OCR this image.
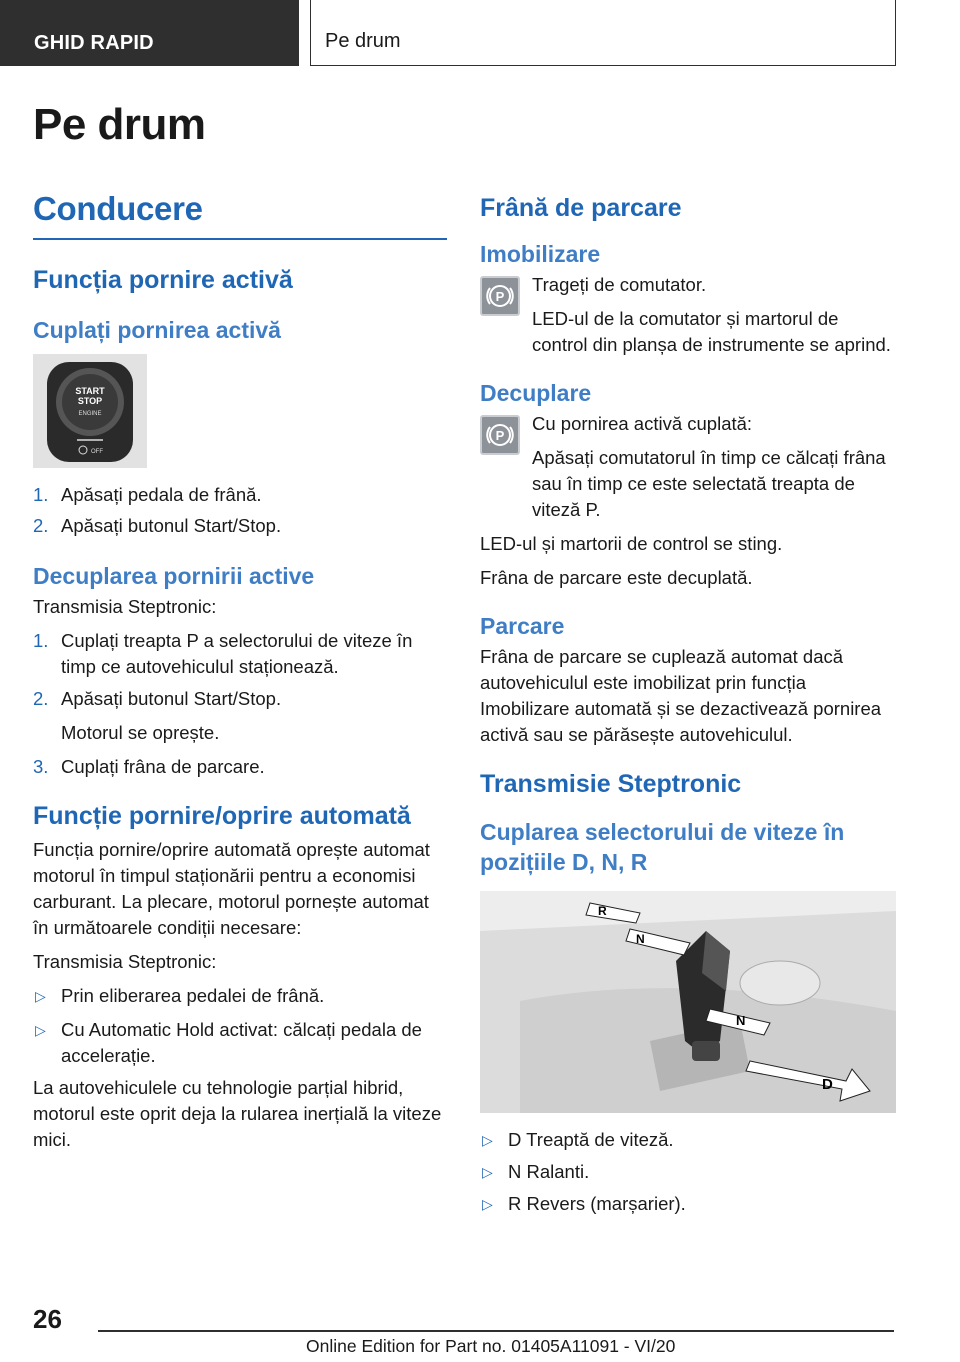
GHID RAPID	Pe drum
Pe drum
Conducere
Funcția pornire activă
Cuplați pornirea activă
START
STOP
ENGINE
OFF
1. Apăsați pedala de frână.
2. Apăsați butonul Start/Stop.
Decuplarea pornirii active
Transmisia Steptronic:
1. Cuplați treapta P a selectorului de viteze în timp ce autovehiculul staționează.
2. Apăsați butonul Start/Stop.
Motorul se oprește.
3. Cuplați frâna de parcare.
Funcție pornire/oprire automată
Funcția pornire/oprire automată oprește automat motorul în timpul staționării pentru a economisi carburant. La plecare, motorul pornește automat în următoarele condiții necesare:
Transmisia Steptronic:
▷ Prin eliberarea pedalei de frână.
▷ Cu Automatic Hold activat: călcați pedala de accelerație.
La autovehiculele cu tehnologie parțial hibrid, motorul este oprit deja la rularea inerțială la viteze mici.
Frână de parcare
Imobilizare
P
Trageți de comutator.
LED-ul de la comutator și martorul de control din planșa de instrumente se aprind.
Decuplare
P
Cu pornirea activă cuplată:
Apăsați comutatorul în timp ce călcați frâna sau în timp ce este selectată treapta de viteză P.
LED-ul și martorii de control se sting.
Frâna de parcare este decuplată.
Parcare
Frâna de parcare se cuplează automat dacă autovehiculul este imobilizat prin funcția Imobilizare automată și se dezactivează pornirea activă sau se părăsește autovehiculul.
Transmisie Steptronic
Cuplarea selectorului de viteze în pozițiile D, N, R
R
N
N
D
▷ D Treaptă de viteză.
▷ N Ralanti.
▷ R Revers (marșarier).
26
Online Edition for Part no. 01405A11091 - VI/20
